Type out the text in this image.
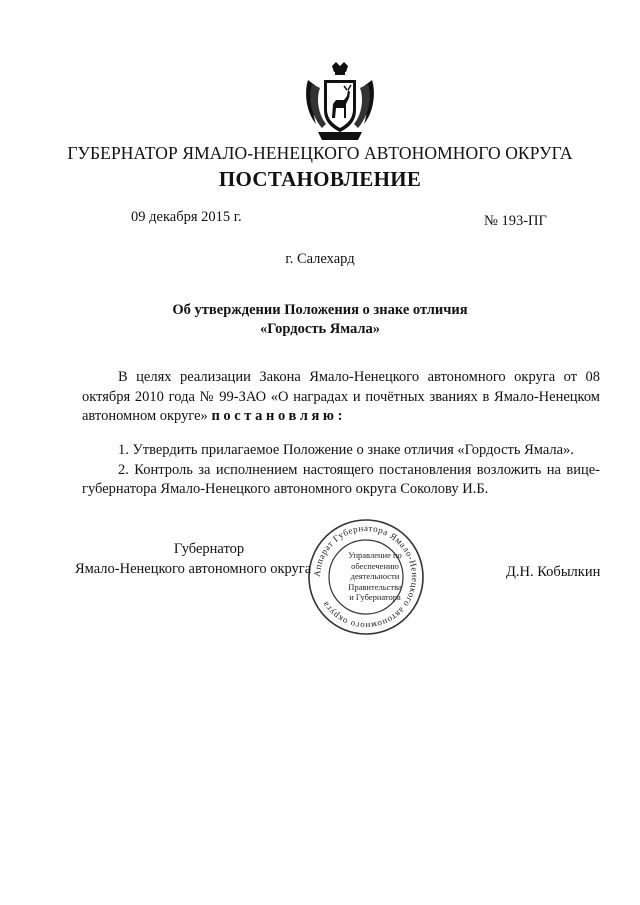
ГУБЕРНАТОР ЯМАЛО-НЕНЕЦКОГО АВТОНОМНОГО ОКРУГА
ПОСТАНОВЛЕНИЕ
09 декабря 2015 г.	№ 193-ПГ
г. Салехард
Об утверждении Положения о знаке отличия
«Гордость Ямала»

В целях реализации Закона Ямало-Ненецкого автономного округа от 08 октября 2010 года № 99-ЗАО «О наградах и почётных званиях в Ямало-Ненецком автономном округе» постановляю:

1. Утвердить прилагаемое Положение о знаке отличия «Гордость Ямала».

2. Контроль за исполнением настоящего постановления возложить на вице-губернатора Ямало-Ненецкого автономного округа Соколову И.Б.

Аппарат Губернатора Ямало-Ненецкого автономного округа
Управление по
обеспечению
деятельности
Правительства
и Губернатора
Губернатор
Ямало-Ненецкого автономного округа	Д.Н. Кобылкин
